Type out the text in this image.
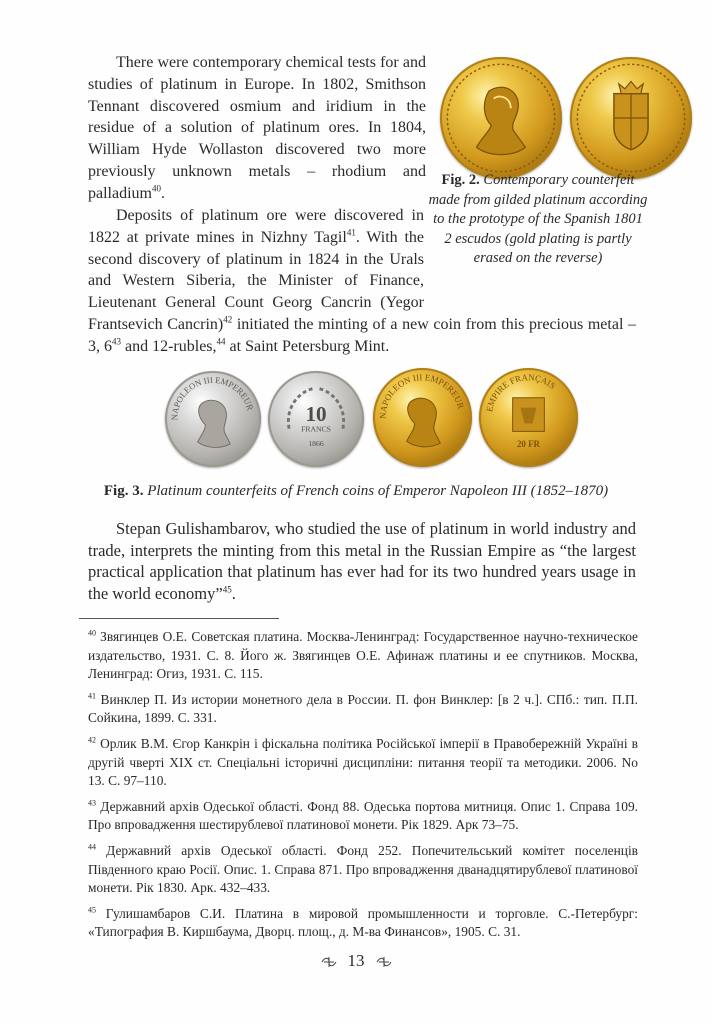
There were contemporary chemical tests for and studies of platinum in Europe. In 1802, Smithson Tennant discovered osmium and iridium in the residue of a solution of platinum ores. In 1804, William Hyde Wollaston discovered two more previously unknown metals – rhodium and palladium$^{40}$.

Fig. 2. Contemporary counterfeit made from gilded platinum according to the prototype of the Spanish 1801 2 escudos (gold plating is partly erased on the reverse)

Deposits of platinum ore were discovered in 1822 at private mines in Nizhny Tagil$^{41}$. With the second discovery of platinum in 1824 in the Urals and Western Siberia, the Minister of Finance, Lieutenant General Count Georg Cancrin (Yegor Frantsevich Cancrin)$^{42}$ initiated the minting of a new coin from this precious metal – 3, $6^{43}$ and 12-rubles,$^{44}$ at Saint Petersburg Mint.

NAPOLEON III EMPEREUR 10
FRANCS
1866
NAPOLEON III EMPEREUR EMPIRE FRANÇAIS
20 FR

Fig. 3. Platinum counterfeits of French coins of Emperor Napoleon III (1852–1870)

Stepan Gulishambarov, who studied the use of platinum in world industry and trade, interprets the minting from this metal in the Russian Empire as “the largest practical application that platinum has ever had for its two hundred years usage in the world economy”$^{45}$.

$^{40}$ Звягинцев О.Е. Советская платина. Москва-Ленинград: Государственное научно-техническое издательство, 1931. С. 8. Його ж. Звягинцев О.Е. Афинаж платины и ее спутников. Москва, Ленинград: Огиз, 1931. С. 115.

$^{41}$ Винклер П. Из истории монетного дела в России. П. фон Винклер: [в 2 ч.]. СПб.: тип. П.П. Сойкина, 1899. С. 331.

$^{42}$ Орлик В.М. Єгор Канкрін і фіскальна політика Російської імперії в Правобережній Україні в другій чверті XIX ст. Спеціальні історичні дисципліни: питання теорії та методики. 2006. No 13. С. 97–110.

$^{43}$ Державний архів Одеської області. Фонд 88. Одеська портова митниця. Опис 1. Справа 109. Про впровадження шестирублевої платинової монети. Рік 1829. Арк 73–75.

$^{44}$ Державний архів Одеської області. Фонд 252. Попечительський комітет поселенців Південного краю Росії. Опис. 1. Справа 871. Про впровадження дванадцятирублевої платинової монети. Рік 1830. Арк. 432–433.

$^{45}$ Гулишамбаров С.И. Платина в мировой промышленности и торговле. С.-Петербург: «Типография В. Киршбаума, Дворц. площ., д. М-ва Финансов», 1905. С. 31.

13
